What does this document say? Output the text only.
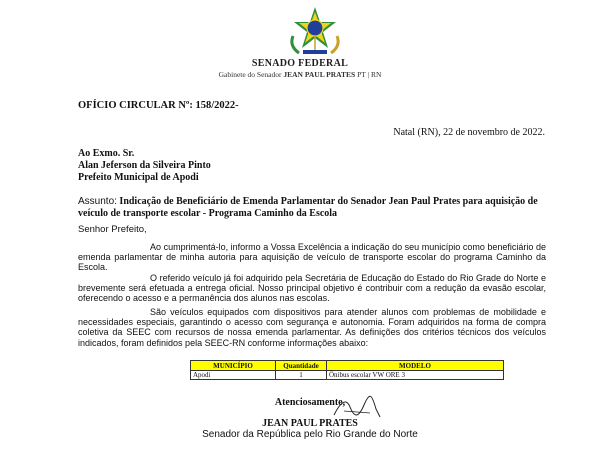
SENADO FEDERAL
Gabinete do Senador JEAN PAUL PRATES PT | RN
OFÍCIO CIRCULAR Nº: 158/2022-
Natal (RN), 22 de novembro de 2022.
Ao Exmo. Sr.
Alan Jeferson da Silveira Pinto
Prefeito Municipal de Apodi
Assunto: Indicação de Beneficiário de Emenda Parlamentar do Senador Jean Paul Prates para aquisição de veículo de transporte escolar - Programa Caminho da Escola
Senhor Prefeito,
Ao cumprimentá-lo, informo a Vossa Excelência a indicação do seu município como beneficiário de emenda parlamentar de minha autoria para aquisição de veículo de transporte escolar do programa Caminho da Escola.
O referido veículo já foi adquirido pela Secretária de Educação do Estado do Rio Grade do Norte e brevemente será efetuada a entrega oficial. Nosso principal objetivo é contribuir com a redução da evasão escolar, oferecendo o acesso e a permanência dos alunos nas escolas.
São veículos equipados com dispositivos para atender alunos com problemas de mobilidade e necessidades especiais, garantindo o acesso com segurança e autonomia. Foram adquiridos na forma de compra coletiva da SEEC com recursos de nossa emenda parlamentar. As definições dos critérios técnicos dos veículos indicados, foram definidos pela SEEC-RN conforme informações abaixo:
MUNICÍPIO	Quantidade	MODELO
Apodi	1	Ônibus escolar VW ORE 3
Atenciosamente,
JEAN PAUL PRATES
Senador da República pelo Rio Grande do Norte
